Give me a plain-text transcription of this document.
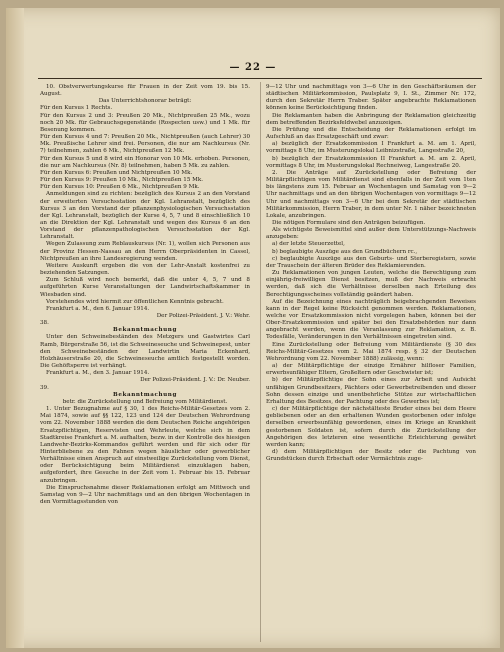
— 22 —

10. Obstverwertungskurse für Frauen in der Zeit vom 19. bis 15. August.

Das Unterrichtshonorar beträgt:

Für den Kursus 1 Rechts.

Für den Kursus 2 und 3: Preußen 20 Mk., Nichtpreußen 25 Mk., wozu noch 20 Mk. für Gebrauchsgegenstände (Rospecten usw.) und 1 Mk. für Besenung kommen.

Für den Kursus 4 und 7: Preußen 20 Mk., Nichtpreußen (auch Lehrer) 30 Mk. Preußische Lehrer sind frei. Personen, die nur am Nachkursus (Nr. 7) teilnehmen, zahlen 6 Mk., Nichtpreußen 12 Mk.

Für den Kursus 5 und 8 wird ein Honorar von 10 Mk. erhoben. Personen, die nur am Nachkursus (Nr. 8) teilnehmen, haben 5 Mk. zu zahlen.

Für den Kursus 6: Preußen und Nichtpreußen 10 Mk.

Für den Kursus 9: Preußen 10 Mk., Nichtpreußen 15 Mk.

Für den Kursus 10: Preußen 6 Mk., Nichtpreußen 9 Mk.

Anmeldungen sind zu richten: bezüglich des Kursus 2 an den Vorstand der erweiterten Versuchsstation der Kgl. Lehranstalt, bezüglich des Kursus 3 an den Vorstand der pflanzenphysiologischen Versuchsstation der Kgl. Lehranstalt, bezüglich der Kurse 4, 5, 7 und 8 einschließlich 10 an die Direktion der Kgl. Lehranstalt und wegen des Kursus 6 an den Vorstand der pflanzenpathologischen Versuchsstation der Kgl. Lehranstalt.

Wegen Zulassung zum Reblauskursus (Nr. 1), wollen sich Personen aus der Provinz Hessen-Nassau an den Herrn Oberpräsidenten in Cassel, Nichtpreußen an ihre Landesregierung wenden.

Weitere Auskunft ergeben die von der Lehr-Anstalt kostenfrei zu beziehenden Satzungen.

Zum Schluß wird noch bemerkt, daß die unter 4, 5, 7 und 8 aufgeführten Kurse Veranstaltungen der Landwirtschaftskammer in Wiesbaden sind.

Vorstehendes wird hiermit zur öffentlichen Kenntnis gebracht.

Frankfurt a. M., den 6. Januar 1914.

Der Polizei-Präsident. J. V.: Wehr.

38.

Bekanntmachung

Unter den Schweinebeständen des Metzgers und Gastwirtes Carl Ramb, Bürgerstraße 56, ist die Schweineseuche und Schweinepest, unter den Schweinebeständen der Landwirtin Maria Eckenhard, Holzhäuserstraße 20, die Schweineseuche amtlich festgestellt worden. Die Gehöftsperre ist verhängt.

Frankfurt a. M., den 3. Januar 1914.

Der Polizei-Präsident. J. V.: Dr. Neuber.

39.

Bekanntmachung

betr. die Zurückstellung und Befreiung vom Militärdienst.

1. Unter Bezugnahme auf § 30, 1 des Reichs-Militär-Gesetzes vom 2. Mai 1874, sowie auf §§ 122, 123 und 124 der Deutschen Wehrordnung vom 22. November 1888 werden die dem Deutschen Reiche angehörigen Ersatzpflichtigen, Reservisten und Wehrleute, welche sich in dem Stadtkreise Frankfurt a. M. aufhalten, bezw. in der Kontrolle des hiesigen Landwehr-Bezirks-Kommandos geführt werden und für sich oder für Hinterbliebene zu den Fahnen wegen häuslicher oder gewerblicher Verhältnisse einen Anspruch auf einstweilige Zurückstellung vom Dienst, oder Berücksichtigung beim Militärdienst einzuklagen haben, aufgefordert, ihre Gesuche in der Zeit vom 1. Februar bis 15. Februar anzubringen.

Die Einspruchsnahme dieser Reklamationen erfolgt am Mittwoch und Samstag von 9—2 Uhr nachmittags und an den übrigen Wochentagen in den Vormittagsstunden von

9—12 Uhr und nachmittags von 3—6 Uhr in den Geschäftsräumen der städtischen Militärkommission, Paulsplatz 9, I. St., Zimmer Nr. 172, durch den Sekretär Herrn Traber. Später angebrachte Reklamationen können keine Berücksichtigung finden.

Die Reklamanten haben die Anbringung der Reklamation gleichzeitig dem betreffenden Bezirksfeldwebel anzuzeigen.

Die Prüfung und die Entscheidung der Reklamationen erfolgt im Aufschluß an das Ersatzgeschäft und zwar:

a) bezüglich der Ersatzkommission I Frankfurt a. M. am 1. April, vormittags 8 Uhr, im Musterungslokal Leibnizstraße, Langestraße 20,

b) bezüglich der Ersatzkommission II Frankfurt a. M. am 2. April, vormittags 8 Uhr, im Musterungslokal Rechneiweg, Langestraße 20.

2. Die Anträge auf Zurückstellung oder Befreiung der Militärpflichtigen vom Militärdienst sind ebenfalls in der Zeit vom 1ten bis längstens zum 15. Februar an Wochentagen und Samstag von 9—2 Uhr nachmittags und an den übrigen Wochentagen von vormittags 9—12 Uhr und nachmittags von 3—6 Uhr bei dem Sekretär der städtischen Militärkommission, Herrn Traber, in dem unter Nr. 1 näher bezeichneten Lokale, anzubringen.

Die nötigen Formulare sind den Anträgen beizufügen.

Als wichtigste Beweismittel sind außer dem Unterstützungs-Nachweis anzugeben:

a) der letzte Steuerzettel,

b) beglaubigte Auszüge aus den Grundbüchern rc.,

c) beglaubigte Auszüge aus den Geburts- und Sterberegistern, sowie der Trauschein der älteren Brüder des Reklamierenden.

Zu Reklamationen von jungen Leuten, welche die Berechtigung zum einjährig-freiwilligen Dienst besitzen, muß der Nachweis erbracht werden, daß sich die Verhältnisse derselben nach Erteilung des Berechtigungsscheines vollständig geändert haben.

Auf die Bezeichnung eines nachträglich beigebrachgenden Beweises kann in der Regel keine Rücksicht genommen werden. Reklamationen, welche vor Ersatzkommission nicht vorgelegen haben, können bei der Ober-Ersatzkommission und später bei den Ersatzbehörden nur dann angebracht werden, wenn die Veranlassung zur Reklamation, z. B. Todesfälle, Veränderungen in den Verhältnissen eingetreten sind.

Eine Zurückstellung oder Befreiung vom Militärdienste (§ 30 des Reichs-Militär-Gesetzes vom 2. Mai 1874 resp. § 32 der Deutschen Wehrordnung vom 22. November 1888) zulässig, wenn:

a) der Militärpflichtige der einzige Ernährer hilfloser Familien, erwerbsunfähiger Eltern, Großeltern oder Geschwister ist;

b) der Militärpflichtige der Sohn eines zur Arbeit und Aufsicht unfähigen Grundbesitzers, Pächters oder Gewerbetreibenden und dieser Sohn dessen einzige und unentbehrliche Stütze zur wirtschaftlichen Erhaltung des Besitzes, der Pachtung oder des Gewerbes ist;

c) der Militärpflichtige der nächstälteste Bruder eines bei dem Heere gebliebenen oder an den erhaltenen Wunden gestorbenen oder infolge derselben erwerbsunfähig gewordenen, eines im Kriege an Krankheit gestorbenen Soldaten ist, sofern durch die Zurückstellung der Angehörigen des letzteren eine wesentliche Erleichterung gewährt werden kann;

d) dem Militärpflichtigen der Besitz oder die Pachtung von Grundstücken durch Erbschaft oder Vermächtnis zuge-
